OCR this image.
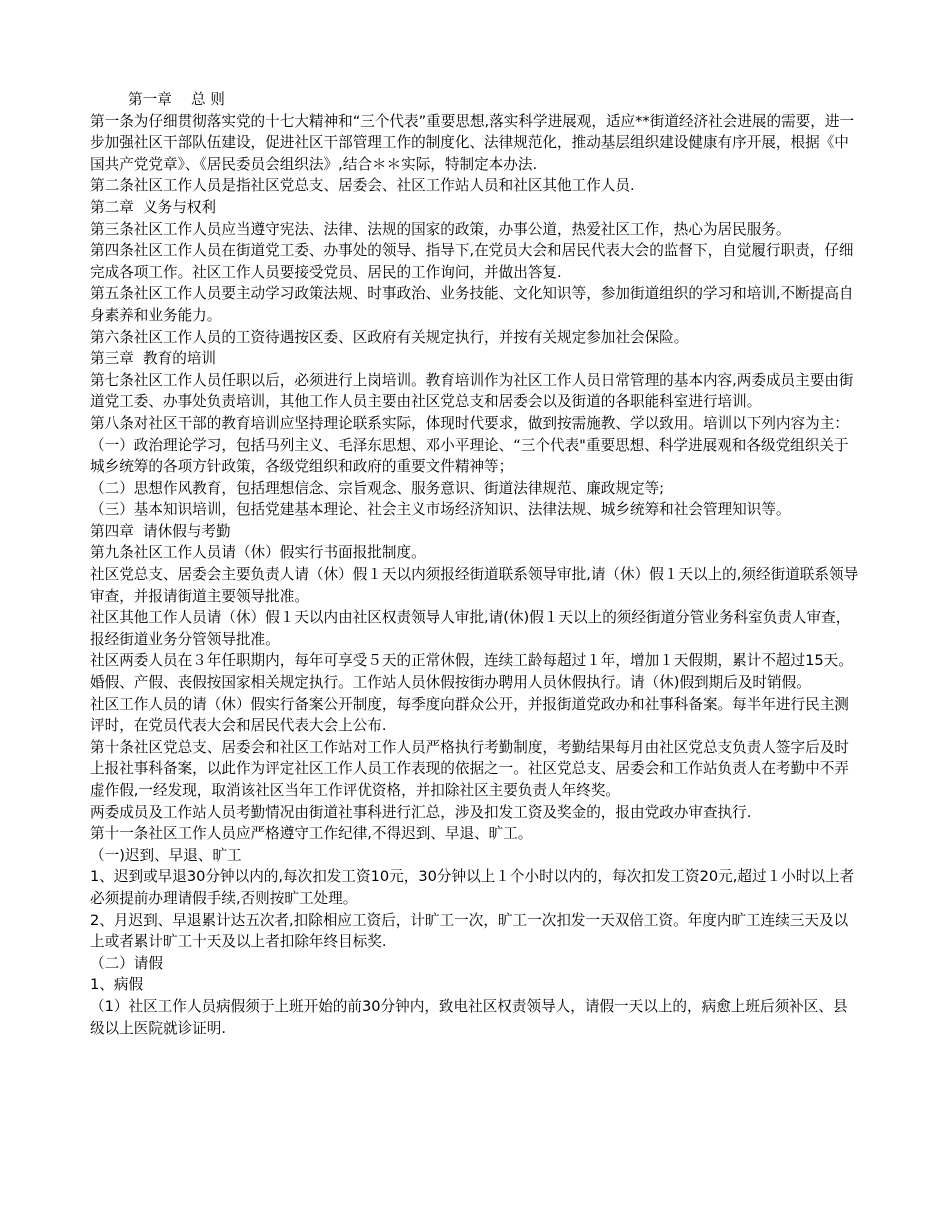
第一章　 总 则

第一条为仔细贯彻落实党的十七大精神和“三个代表”重要思想,落实科学进展观，适应**街道经济社会进展的需要，进一步加强社区干部队伍建设，促进社区干部管理工作的制度化、法律规范化，推动基层组织建设健康有序开展，根据《中国共产党党章》、《居民委员会组织法》,结合＊＊实际，特制定本办法.

第二条社区工作人员是指社区党总支、居委会、社区工作站人员和社区其他工作人员.

第二章  义务与权利

第三条社区工作人员应当遵守宪法、法律、法规的国家的政策，办事公道，热爱社区工作，热心为居民服务。

第四条社区工作人员在街道党工委、办事处的领导、指导下,在党员大会和居民代表大会的监督下，自觉履行职责，仔细完成各项工作。社区工作人员要接受党员、居民的工作询问，并做出答复.

第五条社区工作人员要主动学习政策法规、时事政治、业务技能、文化知识等，参加街道组织的学习和培训,不断提高自身素养和业务能力。

第六条社区工作人员的工资待遇按区委、区政府有关规定执行，并按有关规定参加社会保险。

第三章  教育的培训

第七条社区工作人员任职以后，必须进行上岗培训。教育培训作为社区工作人员日常管理的基本内容,两委成员主要由街道党工委、办事处负责培训，其他工作人员主要由社区党总支和居委会以及街道的各职能科室进行培训。

第八条对社区干部的教育培训应坚持理论联系实际，体现时代要求，做到按需施教、学以致用。培训以下列内容为主：

（一）政治理论学习，包括马列主义、毛泽东思想、邓小平理论、“三个代表"重要思想、科学进展观和各级党组织关于城乡统筹的各项方针政策，各级党组织和政府的重要文件精神等；

（二）思想作风教育，包括理想信念、宗旨观念、服务意识、街道法律规范、廉政规定等;

（三）基本知识培训，包括党建基本理论、社会主义市场经济知识、法律法规、城乡统筹和社会管理知识等。

第四章  请休假与考勤

第九条社区工作人员请（休）假实行书面报批制度。

社区党总支、居委会主要负责人请（休）假１天以内须报经街道联系领导审批,请（休）假１天以上的,须经街道联系领导审查，并报请街道主要领导批准。

社区其他工作人员请（休）假１天以内由社区权责领导人审批,请(休)假１天以上的须经街道分管业务科室负责人审查，报经街道业务分管领导批准。

社区两委人员在３年任职期内，每年可享受５天的正常休假，连续工龄每超过１年，增加１天假期，累计不超过15天。婚假、产假、丧假按国家相关规定执行。工作站人员休假按街办聘用人员休假执行。请（休)假到期后及时销假。

社区工作人员的请（休）假实行备案公开制度，每季度向群众公开，并报街道党政办和社事科备案。每半年进行民主测评时，在党员代表大会和居民代表大会上公布.

第十条社区党总支、居委会和社区工作站对工作人员严格执行考勤制度，考勤结果每月由社区党总支负责人签字后及时上报社事科备案，以此作为评定社区工作人员工作表现的依据之一。社区党总支、居委会和工作站负责人在考勤中不弄虚作假,一经发现，取消该社区当年工作评优资格，并扣除社区主要负责人年终奖。

两委成员及工作站人员考勤情况由街道社事科进行汇总，涉及扣发工资及奖金的，报由党政办审查执行.

第十一条社区工作人员应严格遵守工作纪律,不得迟到、早退、旷工。

（一)迟到、早退、旷工

1、迟到或早退30分钟以内的,每次扣发工资10元，30分钟以上１个小时以内的，每次扣发工资20元,超过１小时以上者必须提前办理请假手续,否则按旷工处理。

2、月迟到、早退累计达五次者,扣除相应工资后，计旷工一次，旷工一次扣发一天双倍工资。年度内旷工连续三天及以上或者累计旷工十天及以上者扣除年终目标奖.

（二）请假

1、病假

（1）社区工作人员病假须于上班开始的前30分钟内，致电社区权责领导人，请假一天以上的，病愈上班后须补区、县级以上医院就诊证明.
